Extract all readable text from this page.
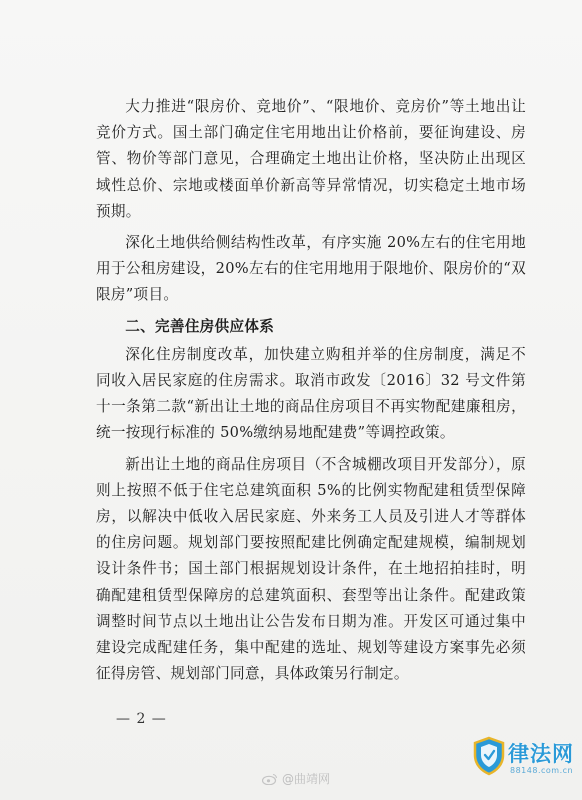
大力推进“限房价、竞地价”、“限地价、竞房价”等土地出让竞价方式。国土部门确定住宅用地出让价格前，要征询建设、房管、物价等部门意见，合理确定土地出让价格，坚决防止出现区域性总价、宗地或楼面单价新高等异常情况，切实稳定土地市场预期。

深化土地供给侧结构性改革，有序实施 20%左右的住宅用地用于公租房建设，20%左右的住宅用地用于限地价、限房价的“双限房”项目。

二、完善住房供应体系

深化住房制度改革，加快建立购租并举的住房制度，满足不同收入居民家庭的住房需求。取消市政发〔2016〕32 号文件第十一条第二款“新出让土地的商品住房项目不再实物配建廉租房，统一按现行标准的 50%缴纳易地配建费”等调控政策。

新出让土地的商品住房项目（不含城棚改项目开发部分），原则上按照不低于住宅总建筑面积 5%的比例实物配建租赁型保障房，以解决中低收入居民家庭、外来务工人员及引进人才等群体的住房问题。规划部门要按照配建比例确定配建规模，编制规划设计条件书；国土部门根据规划设计条件，在土地招拍挂时，明确配建租赁型保障房的总建筑面积、套型等出让条件。配建政策调整时间节点以土地出让公告发布日期为准。开发区可通过集中建设完成配建任务，集中配建的选址、规划等建设方案事先必须征得房管、规划部门同意，具体政策另行制定。

— 2 —
@曲靖网
律法网
88148.com.cn
